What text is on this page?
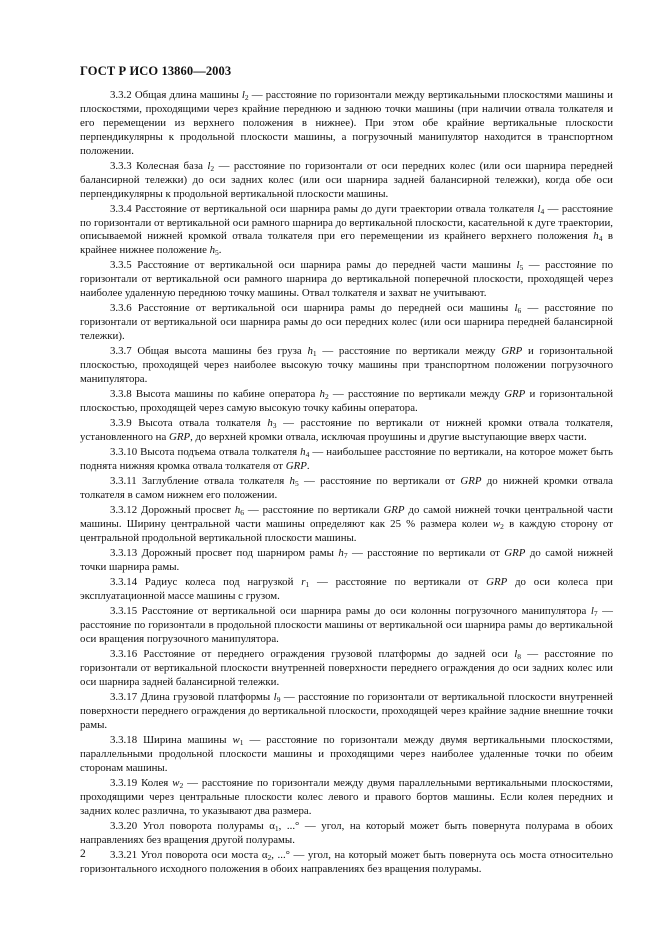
ГОСТ Р ИСО 13860—2003

3.3.2 Общая длина машины $l_2$ — расстояние по горизонтали между вертикальными плоскостями машины и плоскостями, проходящими через крайние переднюю и заднюю точки машины (при наличии отвала толкателя и его перемещении из верхнего положения в нижнее). При этом обе крайние вертикальные плоскости перпендикулярны к продольной плоскости машины, а погрузочный манипулятор находится в транспортном положении.

3.3.3 Колесная база $l_2$ — расстояние по горизонтали от оси передних колес (или оси шарнира передней балансирной тележки) до оси задних колес (или оси шарнира задней балансирной тележки), когда обе оси перпендикулярны к продольной вертикальной плоскости машины.

3.3.4 Расстояние от вертикальной оси шарнира рамы до дуги траектории отвала толкателя $l_4$ — расстояние по горизонтали от вертикальной оси рамного шарнира до вертикальной плоскости, касательной к дуге траектории, описываемой нижней кромкой отвала толкателя при его перемещении из крайнего верхнего положения $h_4$ в крайнее нижнее положение $h_5$.

3.3.5 Расстояние от вертикальной оси шарнира рамы до передней части машины $l_5$ — расстояние по горизонтали от вертикальной оси рамного шарнира до вертикальной поперечной плоскости, проходящей через наиболее удаленную переднюю точку машины. Отвал толкателя и захват не учитывают.

3.3.6 Расстояние от вертикальной оси шарнира рамы до передней оси машины $l_6$ — расстояние по горизонтали от вертикальной оси шарнира рамы до оси передних колес (или оси шарнира передней балансирной тележки).

3.3.7 Общая высота машины без груза $h_1$ — расстояние по вертикали между GRP и горизонтальной плоскостью, проходящей через наиболее высокую точку машины при транспортном положении погрузочного манипулятора.

3.3.8 Высота машины по кабине оператора $h_2$ — расстояние по вертикали между GRP и горизонтальной плоскостью, проходящей через самую высокую точку кабины оператора.

3.3.9 Высота отвала толкателя $h_3$ — расстояние по вертикали от нижней кромки отвала толкателя, установленного на GRP, до верхней кромки отвала, исключая проушины и другие выступающие вверх части.

3.3.10 Высота подъема отвала толкателя $h_4$ — наибольшее расстояние по вертикали, на которое может быть поднята нижняя кромка отвала толкателя от GRP.

3.3.11 Заглубление отвала толкателя $h_5$ — расстояние по вертикали от GRP до нижней кромки отвала толкателя в самом нижнем его положении.

3.3.12 Дорожный просвет $h_6$ — расстояние по вертикали GRP до самой нижней точки центральной части машины. Ширину центральной части машины определяют как 25 % размера колеи $w_2$ в каждую сторону от центральной продольной вертикальной плоскости машины.

3.3.13 Дорожный просвет под шарниром рамы $h_7$ — расстояние по вертикали от GRP до самой нижней точки шарнира рамы.

3.3.14 Радиус колеса под нагрузкой $r_1$ — расстояние по вертикали от GRP до оси колеса при эксплуатационной массе машины с грузом.

3.3.15 Расстояние от вертикальной оси шарнира рамы до оси колонны погрузочного манипулятора $l_7$ — расстояние по горизонтали в продольной плоскости машины от вертикальной оси шарнира рамы до вертикальной оси вращения погрузочного манипулятора.

3.3.16 Расстояние от переднего ограждения грузовой платформы до задней оси $l_8$ — расстояние по горизонтали от вертикальной плоскости внутренней поверхности переднего ограждения до оси задних колес или оси шарнира задней балансирной тележки.

3.3.17 Длина грузовой платформы $l_9$ — расстояние по горизонтали от вертикальной плоскости внутренней поверхности переднего ограждения до вертикальной плоскости, проходящей через крайние задние внешние точки рамы.

3.3.18 Ширина машины $w_1$ — расстояние по горизонтали между двумя вертикальными плоскостями, параллельными продольной плоскости машины и проходящими через наиболее удаленные точки по обеим сторонам машины.

3.3.19 Колея $w_2$ — расстояние по горизонтали между двумя параллельными вертикальными плоскостями, проходящими через центральные плоскости колес левого и правого бортов машины. Если колея передних и задних колес различна, то указывают два размера.

3.3.20 Угол поворота полурамы $\alpha_1$, ...° — угол, на который может быть повернута полурама в обоих направлениях без вращения другой полурамы.

3.3.21 Угол поворота оси моста $\alpha_2$, ...° — угол, на который может быть повернута ось моста относительно горизонтального исходного положения в обоих направлениях без вращения полурамы.

2
